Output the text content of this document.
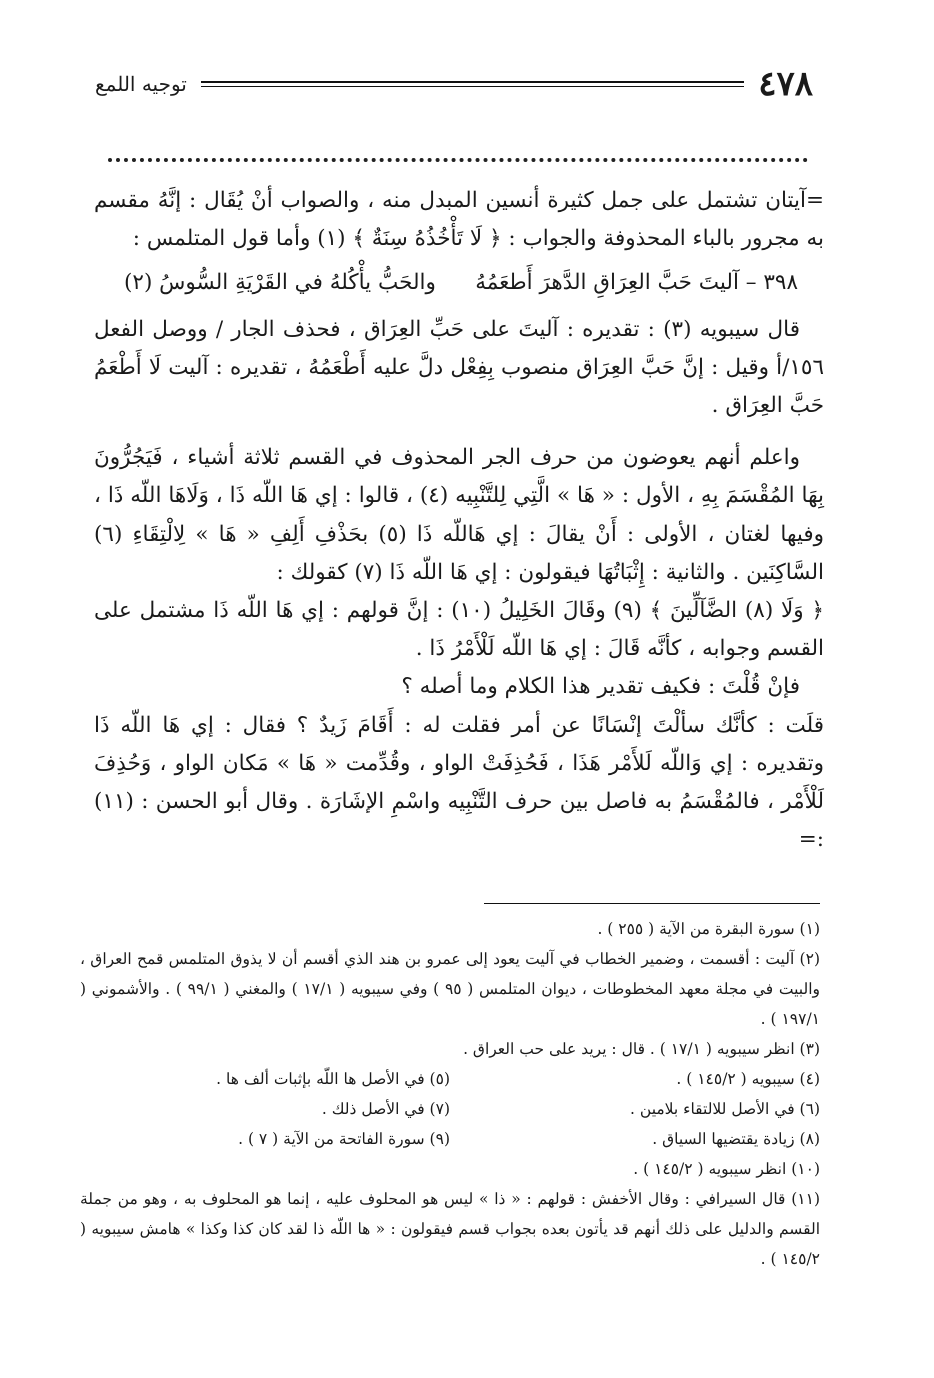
٤٧٨
توجيه اللمع

=آيتان تشتمل على جمل كثيرة أنسين المبدل منه ، والصواب أنْ يُقَال : إنَّهُ مقسم به مجرور بالباء المحذوفة والجواب : ﴿ لَا تَأْخُذُهُ سِنَةٌ ﴾ (١) وأما قول المتلمس :

٣٩٨ – آليتَ حَبَّ العِرَاقِ الدَّهرَ أَطعَمُهُ
والحَبُّ يأْكُلهُ في القَرْيَةِ السُّوسُ (٢)

قال سيبويه (٣) : تقديره : آليتَ على حَبِّ العِرَاق ، فحذف الجار / ووصل الفعل ١٥٦/أ وقيل : إنَّ حَبَّ العِرَاق منصوب بِفِعْل دلَّ عليه أَطْعَمُهُ ، تقديره : آليت لَا أَطْعَمُ حَبَّ العِرَاق .

واعلم أنهم يعوضون من حرف الجر المحذوف في القسم ثلاثة أشياء ، فَيَجُرُّونَ بِهَا المُقْسَمَ بِهِ ، الأول : « هَا » الَّتِي لِلتَّنْبِيه (٤) ، قالوا : إي هَا اللّه ذَا ، وَلَاهَا اللّه ذَا ، وفيها لغتان ، الأولى : أَنْ يقالَ : إي هَاللّه ذَا (٥) بحَذْفِ أَلِفِ « هَا » لِالْتِقَاءِ (٦) السَّاكِنَين . والثانية : إِثْبَاتُهَا فيقولون : إي هَا اللّه ذَا (٧) كقولك :

﴿ وَلَا (٨) الضَّآلِّينَ ﴾ (٩) وقَالَ الخَلِيلُ (١٠) : إنَّ قولهم : إي هَا اللّه ذَا مشتمل على القسم وجوابه ، كأنَّه قَالَ : إي هَا اللّه لَلْأَمْرُ ذَا .

فإنْ قُلْتَ : فكيف تقدير هذا الكلام وما أصله ؟

قلَت : كأنَّك سألْتَ إنْسَانًا عن أمر فقلت له : أَقَامَ زَيدٌ ؟ فقال : إي هَا اللّه ذَا وتقديره : إي وَاللّه لَلأَمْر هَذَا ، فَحُذِفَتْ الواو ، وقُدِّمت « هَا » مَكان الواو ، وَحُذِفَ لَلْأَمْر ، فالمُقْسَمُ به فاصل بين حرف التَّنْبِيه واسْمِ الإشَارَة . وقال أبو الحسن : (١١) :=

(١) سورة البقرة من الآية ( ٢٥٥ ) .

(٢) آليت : أقسمت ، وضمير الخطاب في آليت يعود إلى عمرو بن هند الذي أقسم أن لا يذوق المتلمس قمح العراق ، والبيت في مجلة معهد المخطوطات ، ديوان المتلمس ( ٩٥ ) وفي سيبويه ( ١٧/١ ) والمغني ( ٩٩/١ ) . والأشموني ( ١٩٧/١ ) .

(٣) انظر سيبويه ( ١٧/١ ) . قال : يريد على حب العراق .

(٤) سيبويه ( ١٤٥/٢ ) .
(٥) في الأصل ها اللّه بإثبات ألف ها .
(٦) في الأصل للالتقاء بلامين .
(٧) في الأصل ذلك .
(٨) زيادة يقتضيها السياق .
(٩) سورة الفاتحة من الآية ( ٧ ) .

(١٠) انظر سيبويه ( ١٤٥/٢ ) .

(١١) قال السيرافي : وقال الأخفش : قولهم : « ذا » ليس هو المحلوف عليه ، إنما هو المحلوف به ، وهو من جملة القسم والدليل على ذلك أنهم قد يأتون بعده بجواب قسم فيقولون : « ها اللّه ذا لقد كان كذا وكذا » هامش سيبويه ( ١٤٥/٢ ) .
